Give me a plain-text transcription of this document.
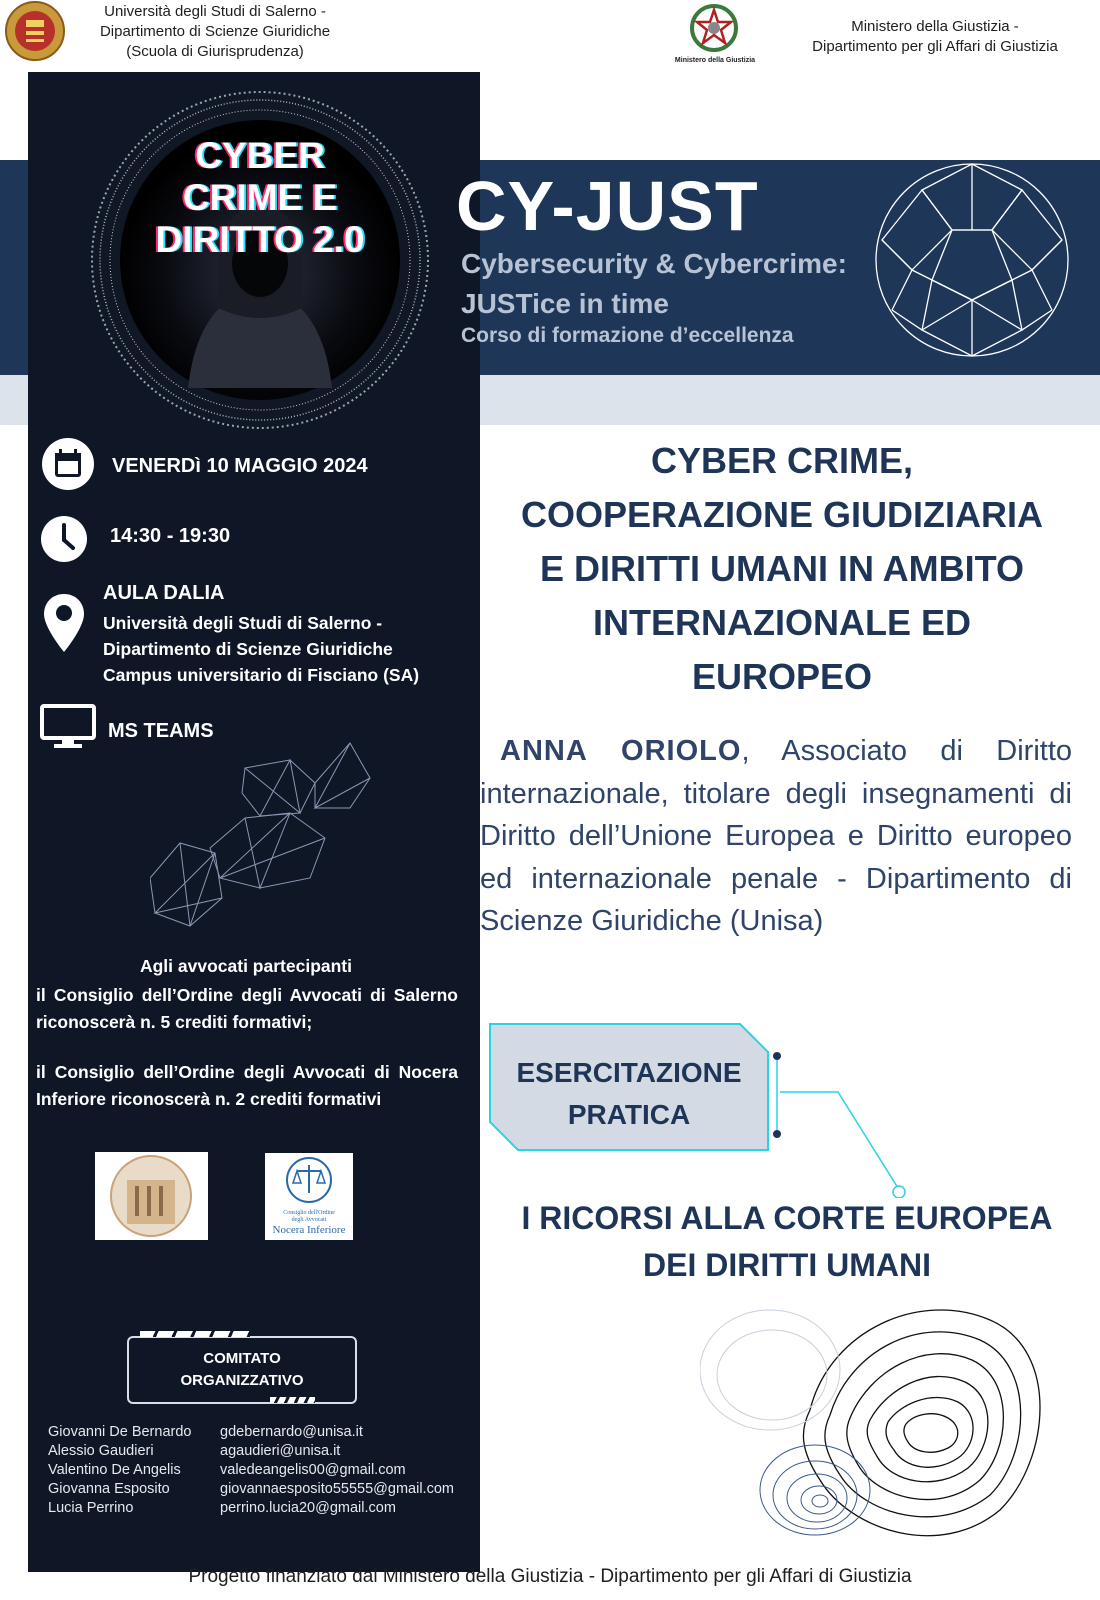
Università degli Studi di Salerno -
Dipartimento di Scienze Giuridiche
(Scuola di Giurisprudenza)
Ministero della Giustizia
Ministero della Giustizia -
Dipartimento per gli Affari di Giustizia
CYBER
CRIME E
DIRITTO 2.0	CY-JUST
Cybersecurity & Cybercrime:
JUSTice in time
Corso di formazione d’eccellenza
VENERDì 10 MAGGIO 2024
14:30 - 19:30
AULA DALIA
Università degli Studi di Salerno -
Dipartimento di Scienze Giuridiche
Campus universitario di Fisciano (SA)
MS TEAMS
Agli avvocati partecipanti
il Consiglio dell’Ordine degli Avvocati di Salerno riconoscerà n. 5 crediti formativi;
il Consiglio dell’Ordine degli Avvocati di Nocera Inferiore riconoscerà n. 2 crediti formativi
Consiglio dell'Ordine
degli Avvocati
Nocera Inferiore
COMITATO
ORGANIZZATIVO
Giovanni De Bernardo
Alessio Gaudieri
Valentino De Angelis
Giovanna Esposito
Lucia Perrino
gdebernardo@unisa.it
agaudieri@unisa.it
valedeangelis00@gmail.com
giovannaesposito55555@gmail.com
perrino.lucia20@gmail.com
CYBER CRIME,
COOPERAZIONE GIUDIZIARIA
E DIRITTI UMANI IN AMBITO
INTERNAZIONALE ED
EUROPEO
ANNA ORIOLO, Associato di Diritto internazionale, titolare degli insegnamenti di Diritto dell’Unione Europea e Diritto europeo ed internazionale penale - Dipartimento di Scienze Giuridiche (Unisa)
ESERCITAZIONE
PRATICA
I RICORSI ALLA CORTE EUROPEA
DEI DIRITTI UMANI
Progetto finanziato dal Ministero della Giustizia - Dipartimento per gli Affari di Giustizia
